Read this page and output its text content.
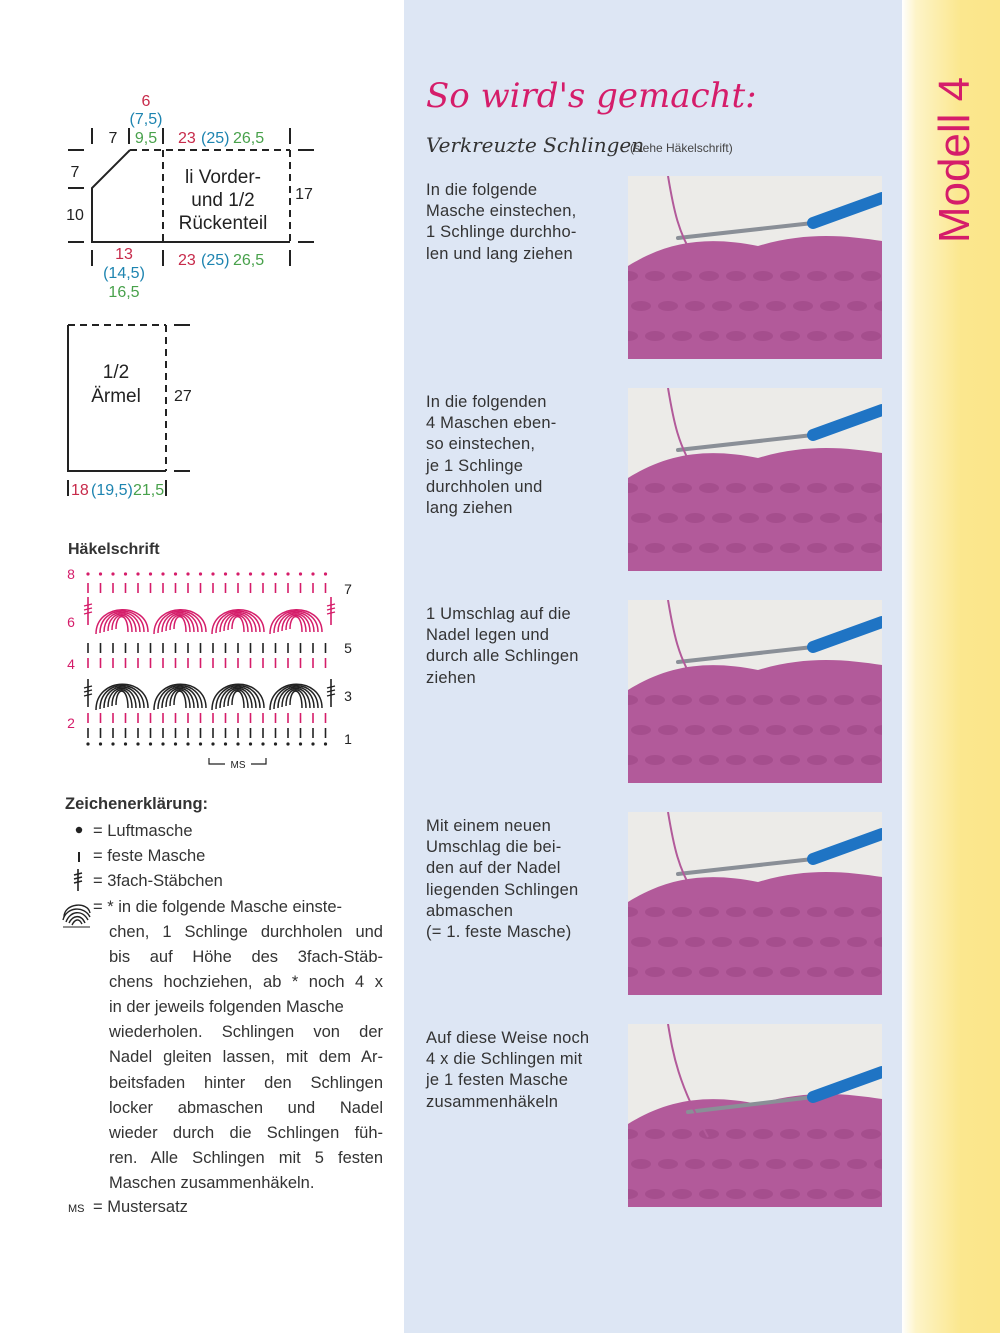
Modell 4
6
(7,5)
9,5
7	23 (25) 26,5
7
10
17
13
(14,5)
16,5
23 (25) 26,5
li Vorder-
und 1/2
Rückenteil
1/2
Ärmel 27
18 (19,5) 21,5
Häkelschrift
8
6
4
2
7
5
3
1
MS
Zeichenerklärung:
= Luftmasche
= feste Masche
= 3fach-Stäbchen
= * in die folgende Masche einste-
chen, 1 Schlinge durchholen und
bis auf Höhe des 3fach-Stäb-
chens hochziehen, ab * noch 4 x
in der jeweils folgenden Masche
wiederholen. Schlingen von der
Nadel gleiten lassen, mit dem Ar-
beitsfaden hinter den Schlingen
locker abmaschen und Nadel
wieder durch die Schlingen füh-
ren. Alle Schlingen mit 5 festen
Maschen zusammenhäkeln.
MS = Mustersatz
So wird's gemacht:
Verkreuzte Schlingen
(siehe Häkelschrift)
In die folgende
Masche einstechen,
1 Schlinge durchho-
len und lang ziehen
In die folgenden
4 Maschen eben-
so einstechen,
je 1 Schlinge
durchholen und
lang ziehen
1 Umschlag auf die
Nadel legen und
durch alle Schlingen
ziehen
Mit einem neuen
Umschlag die bei-
den auf der Nadel
liegenden Schlingen
abmaschen
(= 1. feste Masche)
Auf diese Weise noch
4 x die Schlingen mit
je 1 festen Masche
zusammenhäkeln
